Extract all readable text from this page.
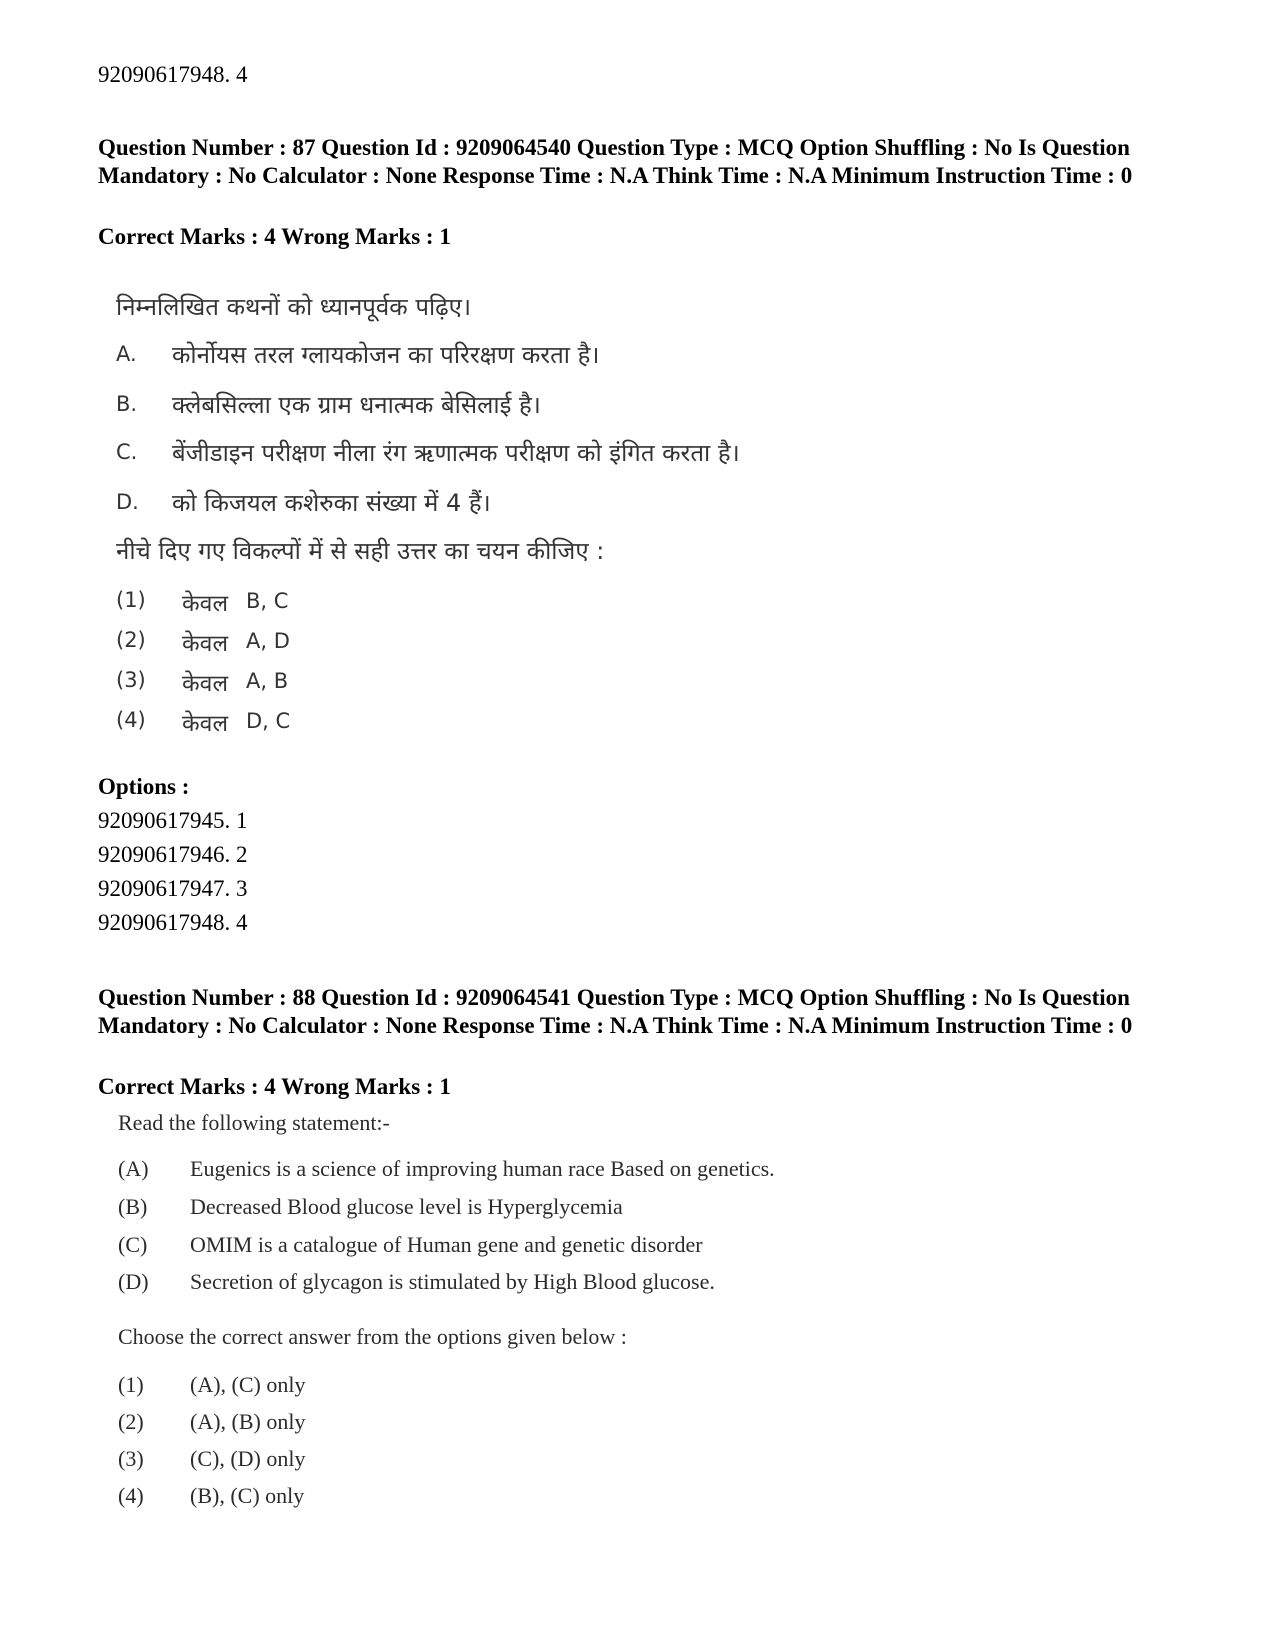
92090617948. 4

Question Number : 87 Question Id : 9209064540 Question Type : MCQ Option Shuffling : No Is Question Mandatory : No Calculator : None Response Time : N.A Think Time : N.A Minimum Instruction Time : 0

Correct Marks : 4 Wrong Marks : 1

निम्नलिखित कथनों को ध्यानपूर्वक पढ़िए।
A.	कोर्नोयस तरल ग्लायकोजन का परिरक्षण करता है।
B.	क्लेबसिल्ला एक ग्राम धनात्मक बेसिलाई है।
C.	बेंजीडाइन परीक्षण नीला रंग ऋणात्मक परीक्षण को इंगित करता है।
D.	को किजयल कशेरुका संख्या में 4 हैं।
नीचे दिए गए विकल्पों में से सही उत्तर का चयन कीजिए :
(1) केवल B, C
(2) केवल A, D
(3) केवल A, B
(4) केवल D, C
Options :
92090617945. 1
92090617946. 2
92090617947. 3
92090617948. 4

Question Number : 88 Question Id : 9209064541 Question Type : MCQ Option Shuffling : No Is Question Mandatory : No Calculator : None Response Time : N.A Think Time : N.A Minimum Instruction Time : 0

Correct Marks : 4 Wrong Marks : 1

Read the following statement:-
(A) Eugenics is a science of improving human race Based on genetics.
(B) Decreased Blood glucose level is Hyperglycemia
(C) OMIM is a catalogue of Human gene and genetic disorder
(D) Secretion of glycagon is stimulated by High Blood glucose.
Choose the correct answer from the options given below :
(1) (A), (C) only
(2) (A), (B) only
(3) (C), (D) only
(4) (B), (C) only
